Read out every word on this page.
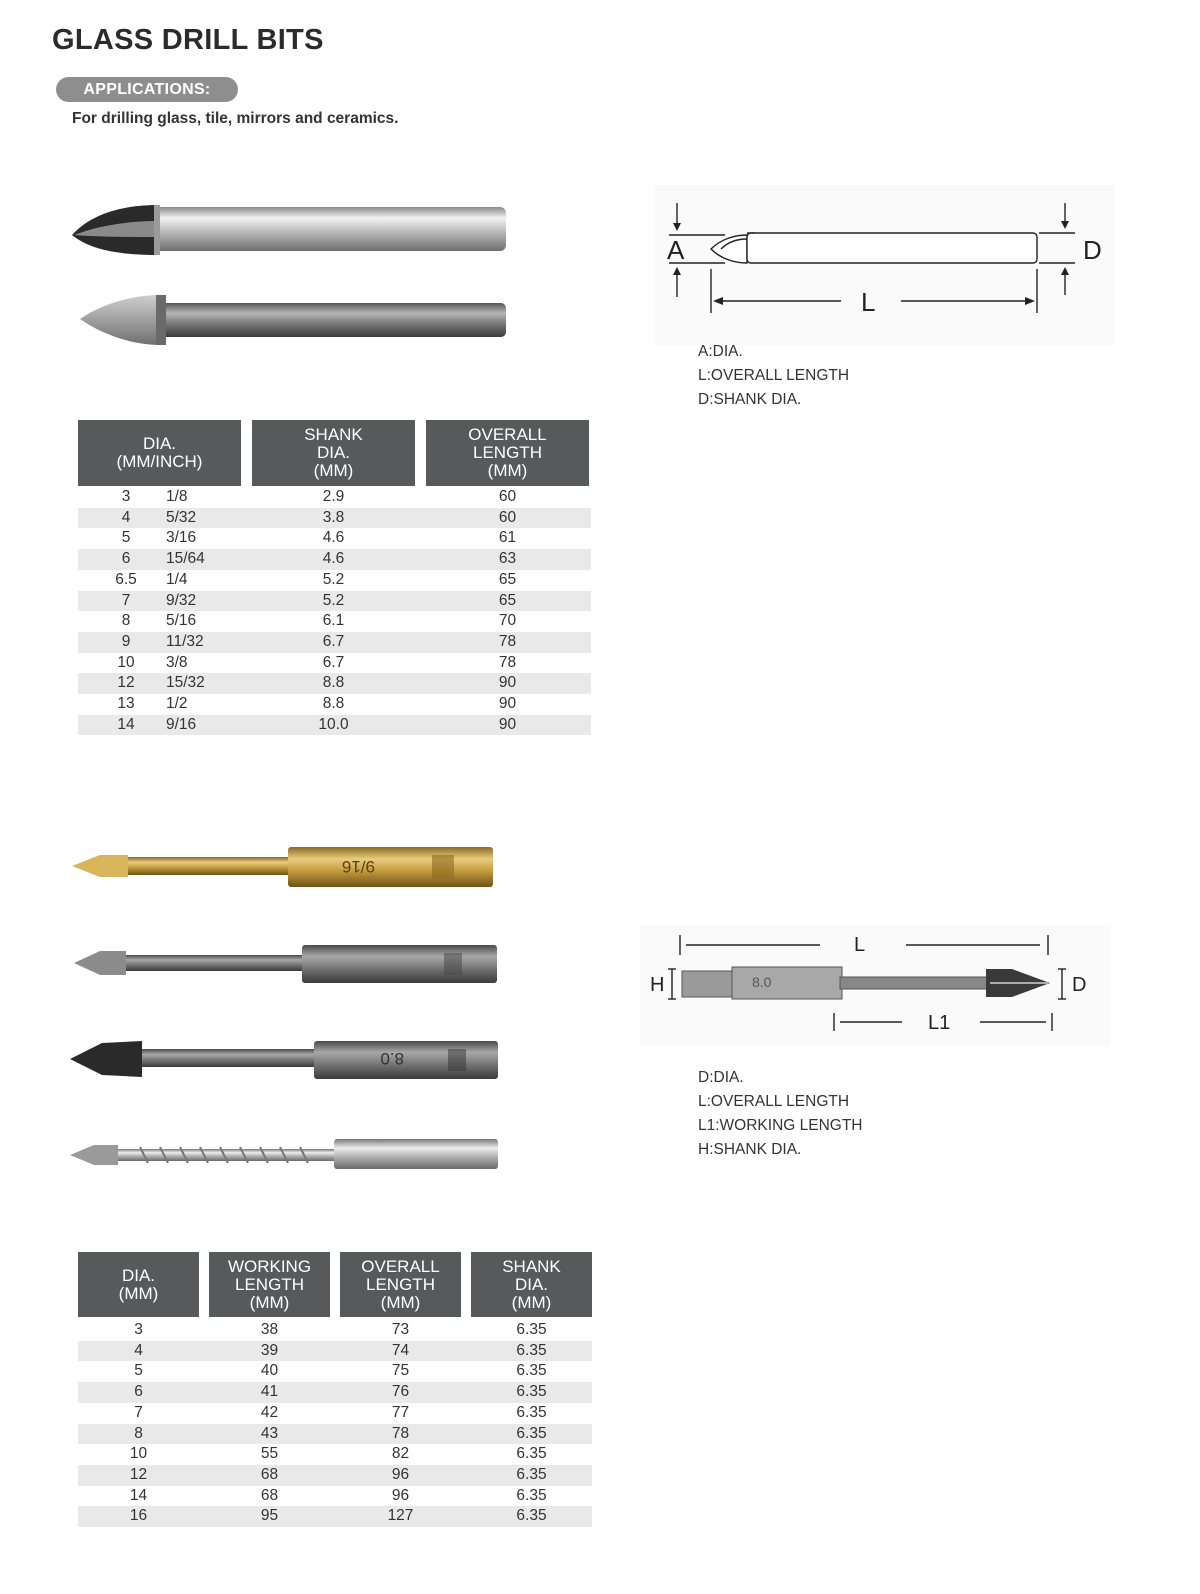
GLASS DRILL BITS
APPLICATIONS:
For drilling glass, tile, mirrors and ceramics.
A	D
L
A:DIA.
L:OVERALL LENGTH
D:SHANK DIA.
DIA.
(MM/INCH)
SHANK
DIA.
(MM)
OVERALL
LENGTH
(MM)
3	1/8	2.9	60
4	5/32	3.8	60
5	3/16	4.6	61
6	15/64	4.6	63
6.5	1/4	5.2	65
7	9/32	5.2	65
8	5/16	6.1	70
9	11/32	6.7	78
10	3/8	6.7	78
12	15/32	8.8	90
13	1/2	8.8	90
14	9/16	10.0	90
9/16
8.0
L
H	D
L1
8.0
D:DIA.
L:OVERALL LENGTH
L1:WORKING LENGTH
H:SHANK DIA.
DIA.
(MM)
WORKING
LENGTH
(MM)
OVERALL
LENGTH
(MM)
SHANK
DIA.
(MM)
3	38	73	6.35
4	39	74	6.35
5	40	75	6.35
6	41	76	6.35
7	42	77	6.35
8	43	78	6.35
10	55	82	6.35
12	68	96	6.35
14	68	96	6.35
16	95	127	6.35
